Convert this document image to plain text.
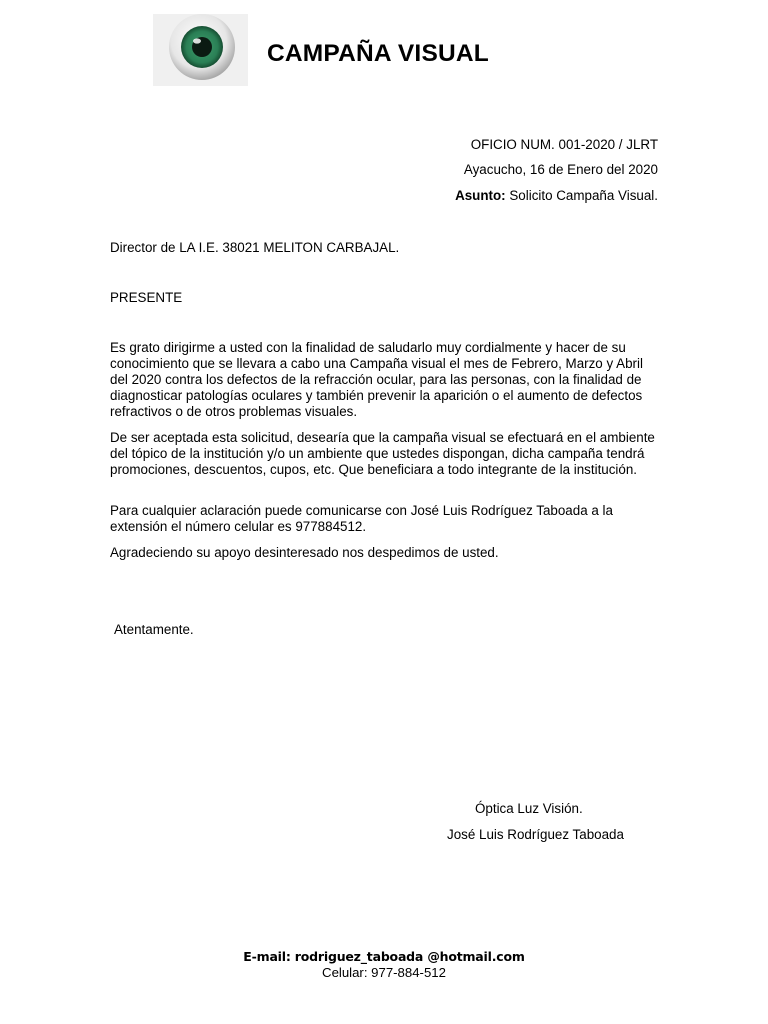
CAMPAÑA VISUAL
OFICIO NUM. 001-2020 / JLRT
Ayacucho, 16 de Enero del 2020
Asunto: Solicito Campaña Visual.
Director de LA I.E. 38021 MELITON CARBAJAL.
PRESENTE
Es grato dirigirme a usted con la finalidad de saludarlo muy cordialmente y hacer de su conocimiento que se llevara a cabo una Campaña visual el mes de Febrero, Marzo y Abril del 2020 contra los defectos de la refracción ocular, para las personas, con la finalidad de diagnosticar patologías oculares y también prevenir la aparición o el aumento de defectos refractivos o de otros problemas visuales.
De ser aceptada esta solicitud, desearía que la campaña visual se efectuará en el ambiente del tópico de la institución y/o un ambiente que ustedes dispongan, dicha campaña tendrá promociones, descuentos, cupos, etc. Que beneficiara a todo integrante de la institución.
Para cualquier aclaración puede comunicarse con José Luis Rodríguez Taboada a la extensión el número celular es 977884512.
Agradeciendo su apoyo desinteresado nos despedimos de usted.
Atentamente.
Óptica Luz Visión.
José Luis Rodríguez Taboada
E-mail: rodriguez_taboada @hotmail.com
Celular: 977-884-512
